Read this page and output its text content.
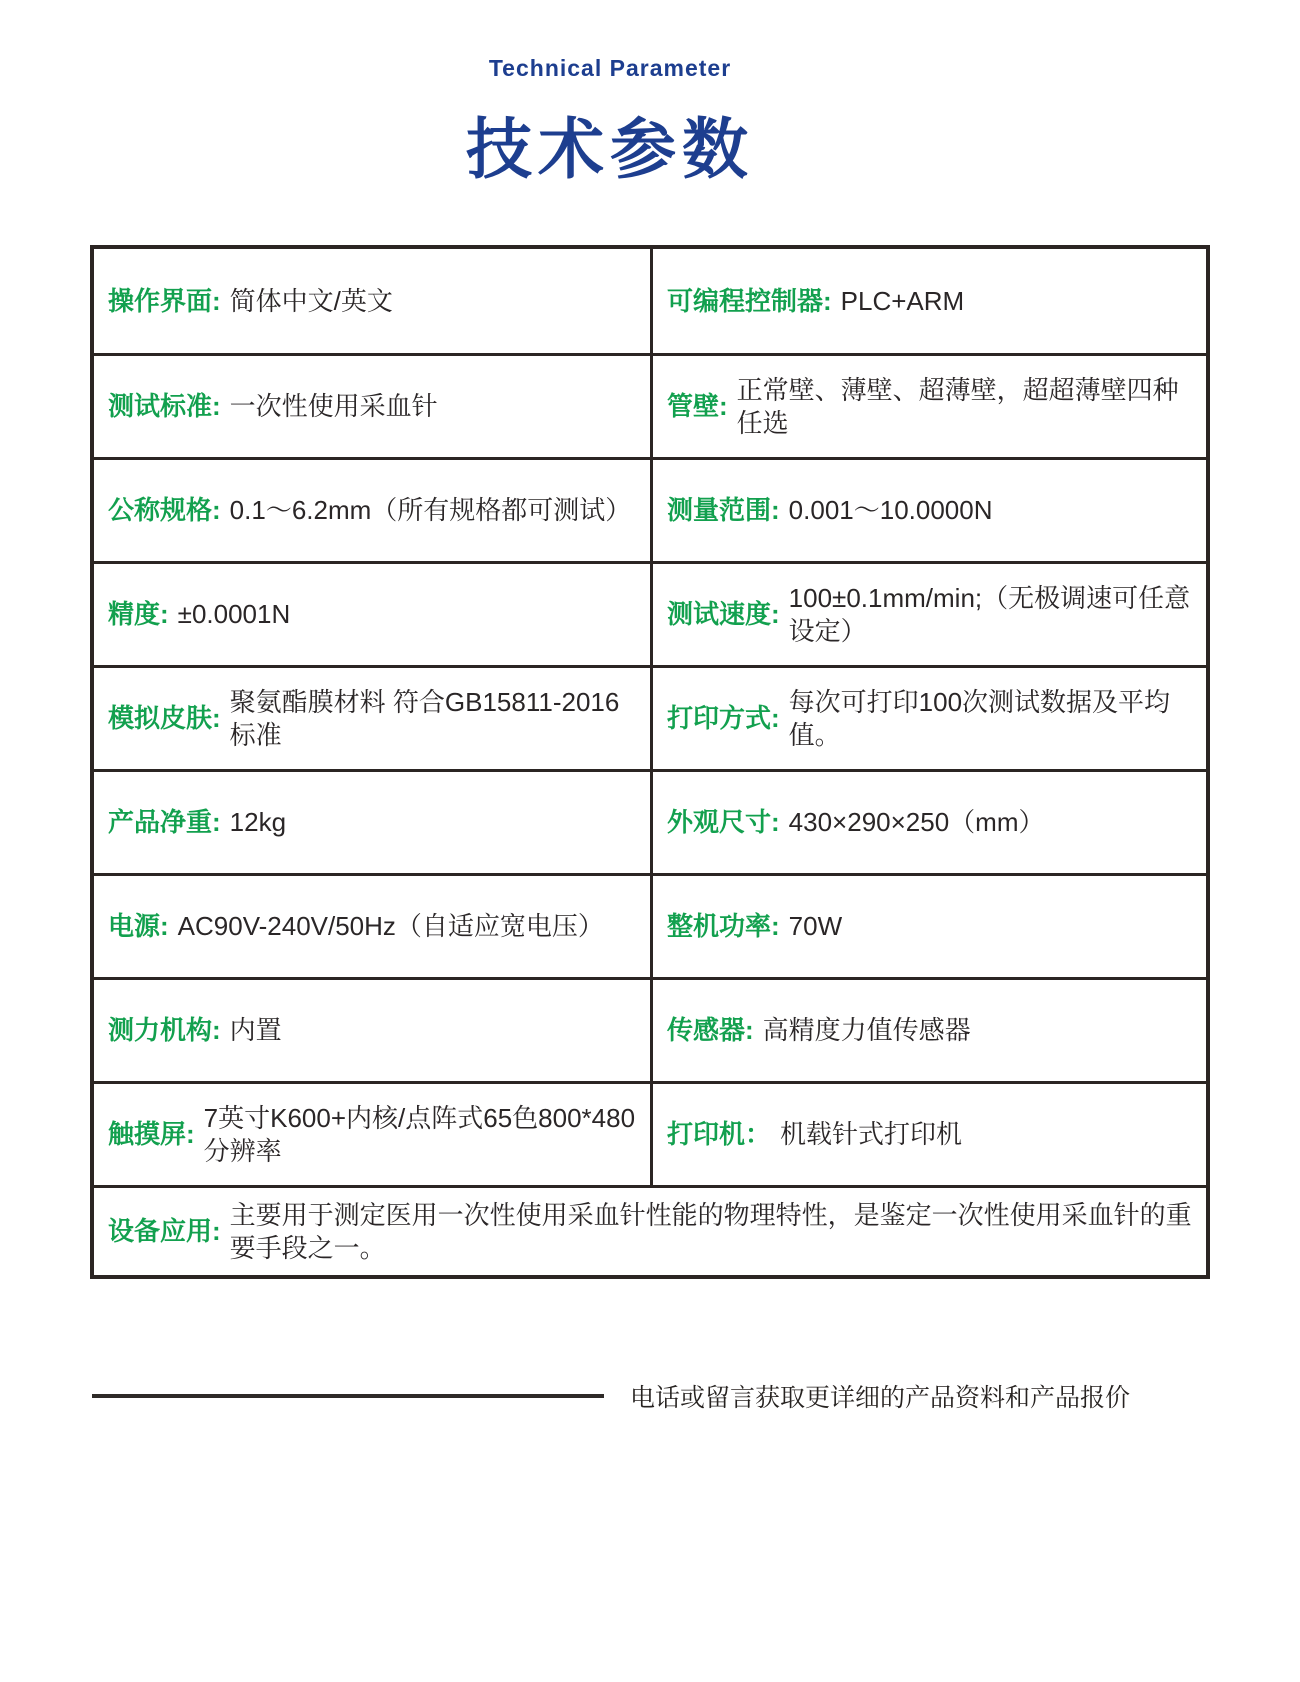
Technical Parameter
技术参数
操作界面: 简体中文/英文	可编程控制器: PLC+ARM
测试标准: 一次性使用采血针	管壁:
正常壁、薄壁、超薄壁，超超薄壁四种任选
公称规格: 0.1～6.2mm（所有规格都可测试） 测量范围: 0.001～10.0000N
精度: ±0.0001N	测试速度:
100±0.1mm/min;（无极调速可任意设定）
模拟皮肤:
聚氨酯膜材料 符合GB15811-2016标准
打印方式:
每次可打印100次测试数据及平均值。
产品净重: 12kg	外观尺寸: 430×290×250（mm）
电源: AC90V-240V/50Hz（自适应宽电压） 整机功率: 70W
测力机构: 内置	传感器: 高精度力值传感器
触摸屏:
7英寸K600+内核/点阵式65色800*480分辨率
打印机： 机载针式打印机
设备应用:
主要用于测定医用一次性使用采血针性能的物理特性，是鉴定一次性使用采血针的重要手段之一。
电话或留言获取更详细的产品资料和产品报价
